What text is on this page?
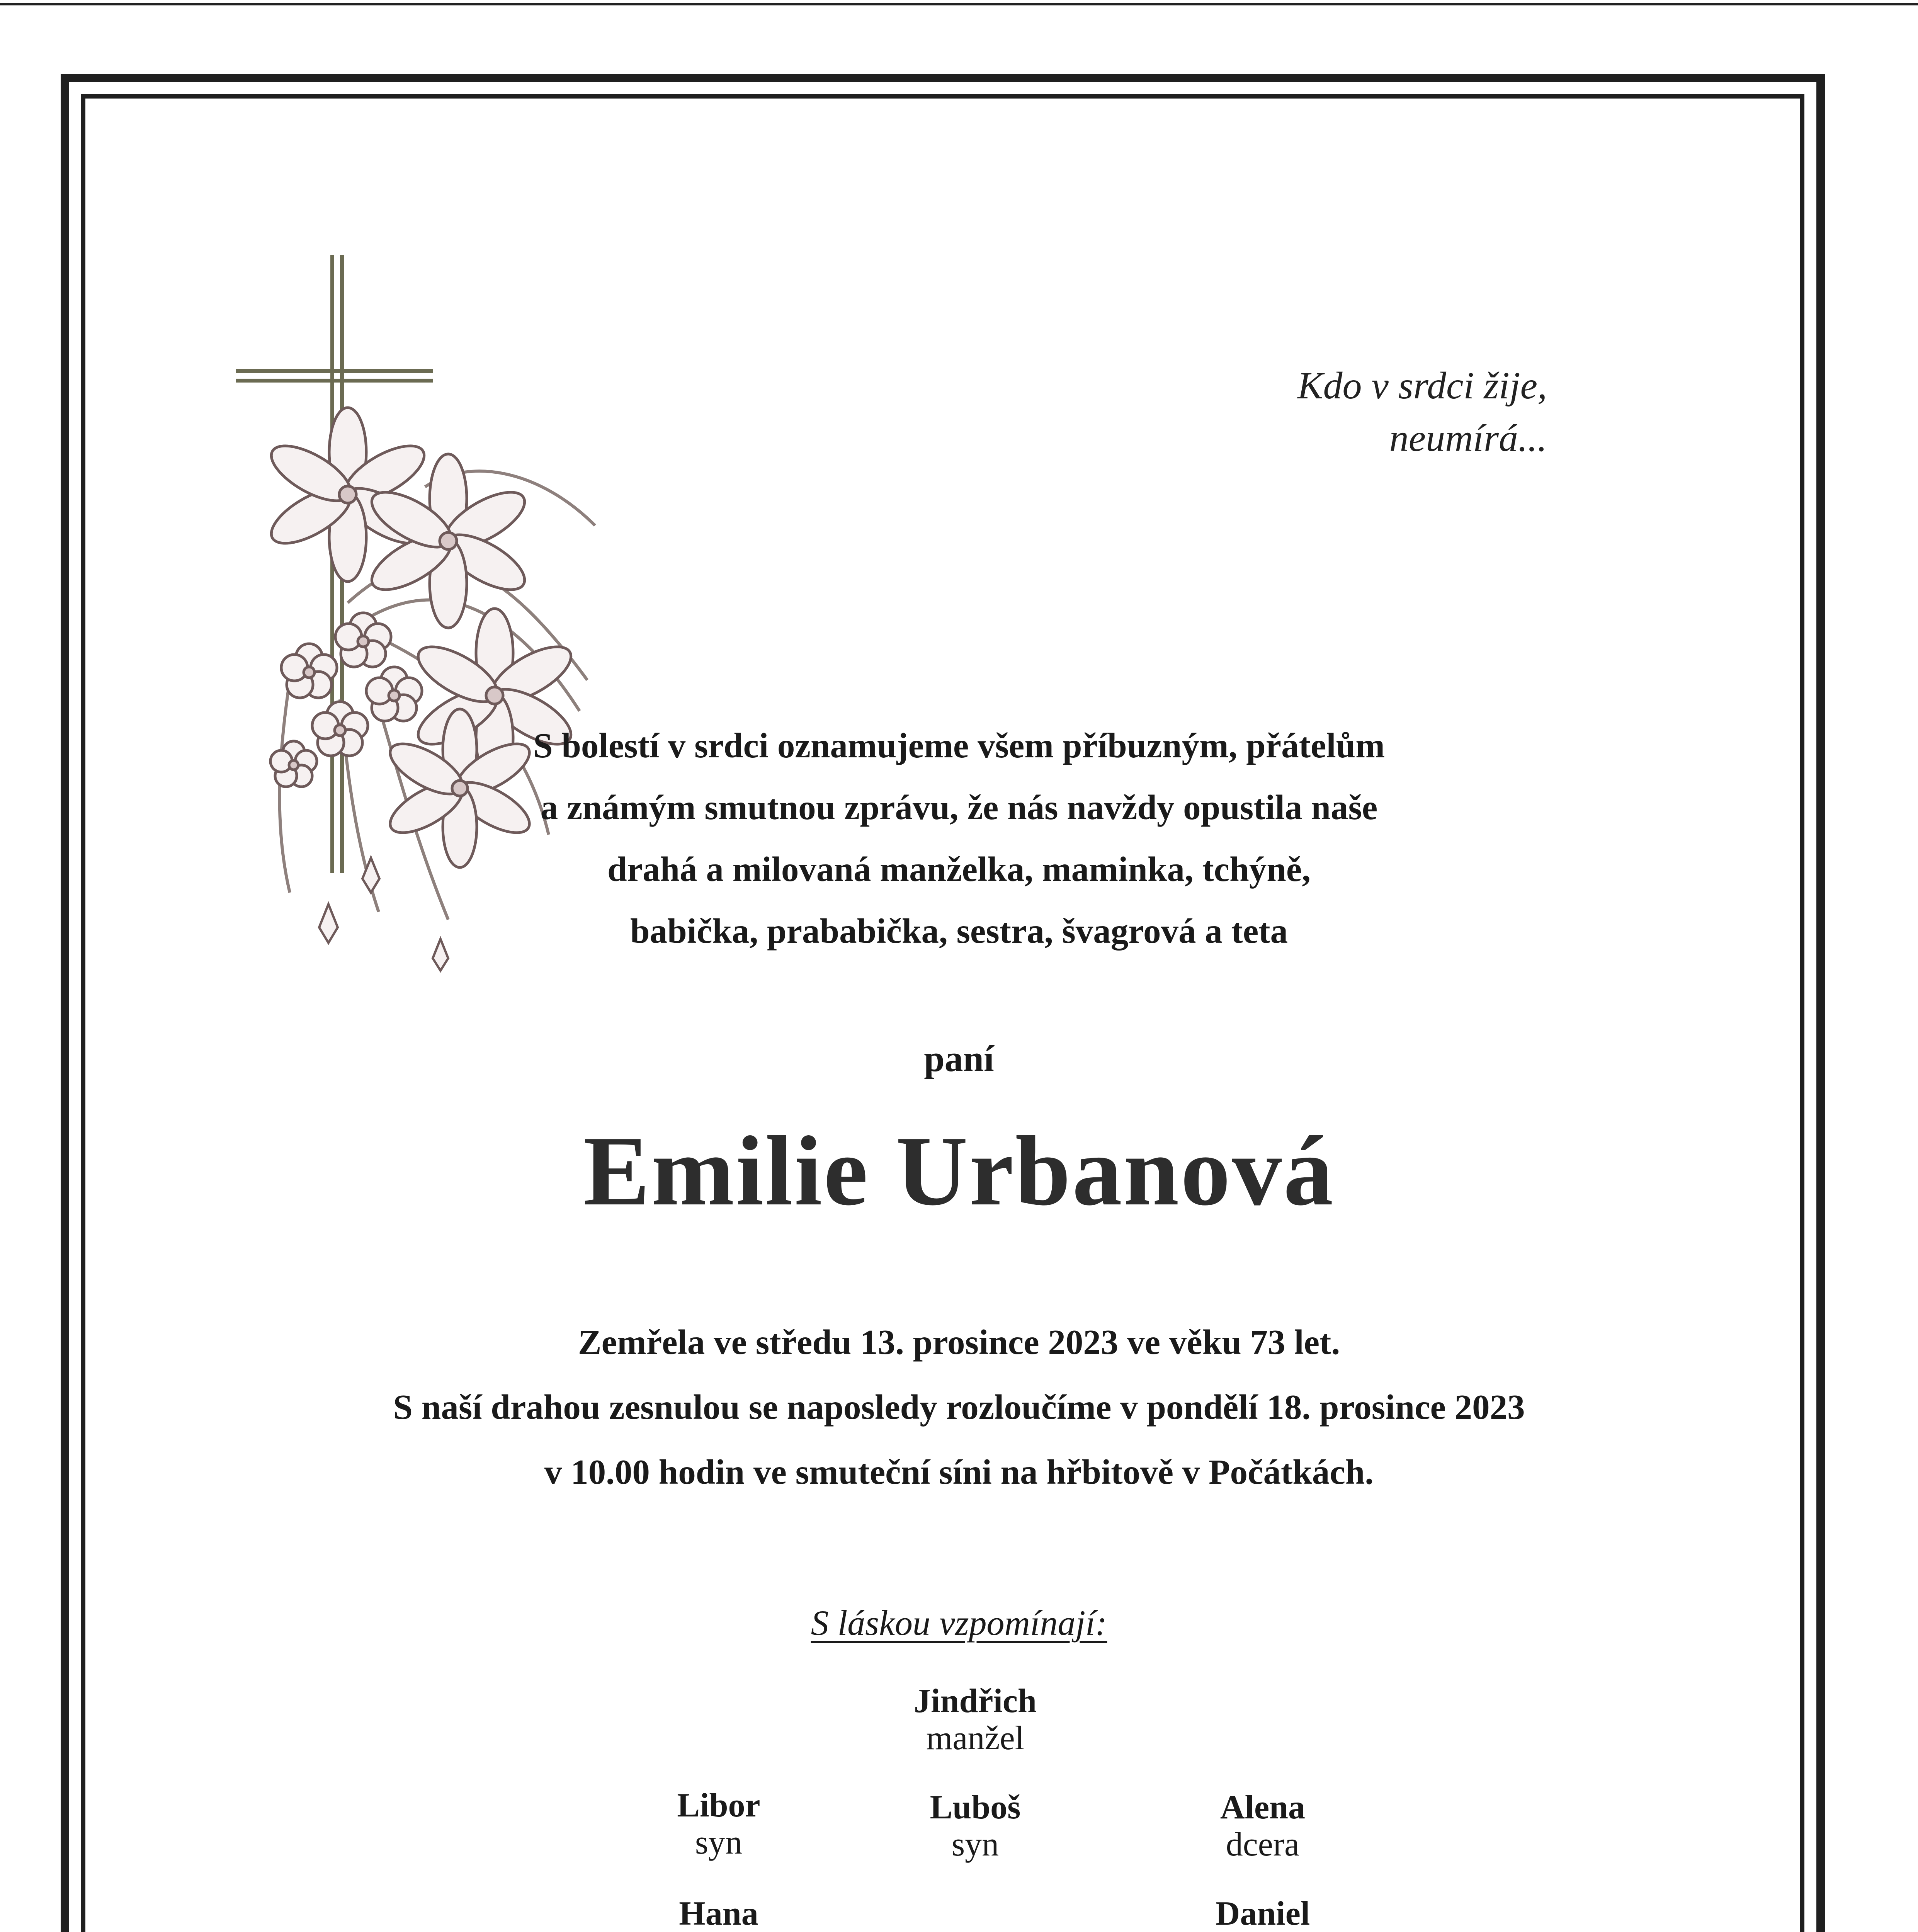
Kdo v srdci žije,
neumírá...
S bolestí v srdci oznamujeme všem příbuzným, přátelům
a známým smutnou zprávu, že nás navždy opustila naše
drahá a milovaná manželka, maminka, tchýně,
babička, prababička, sestra, švagrová a teta
paní
Emilie Urbanová
Zemřela ve středu 13. prosince 2023 ve věku 73 let.
S naší drahou zesnulou se naposledy rozloučíme v pondělí 18. prosince 2023
v 10.00 hodin ve smuteční síni na hřbitově v Počátkách.
S láskou vzpomínají:
Jindřich
manžel
Libor
syn
Luboš
syn
Alena
dcera
Hana	Daniel
